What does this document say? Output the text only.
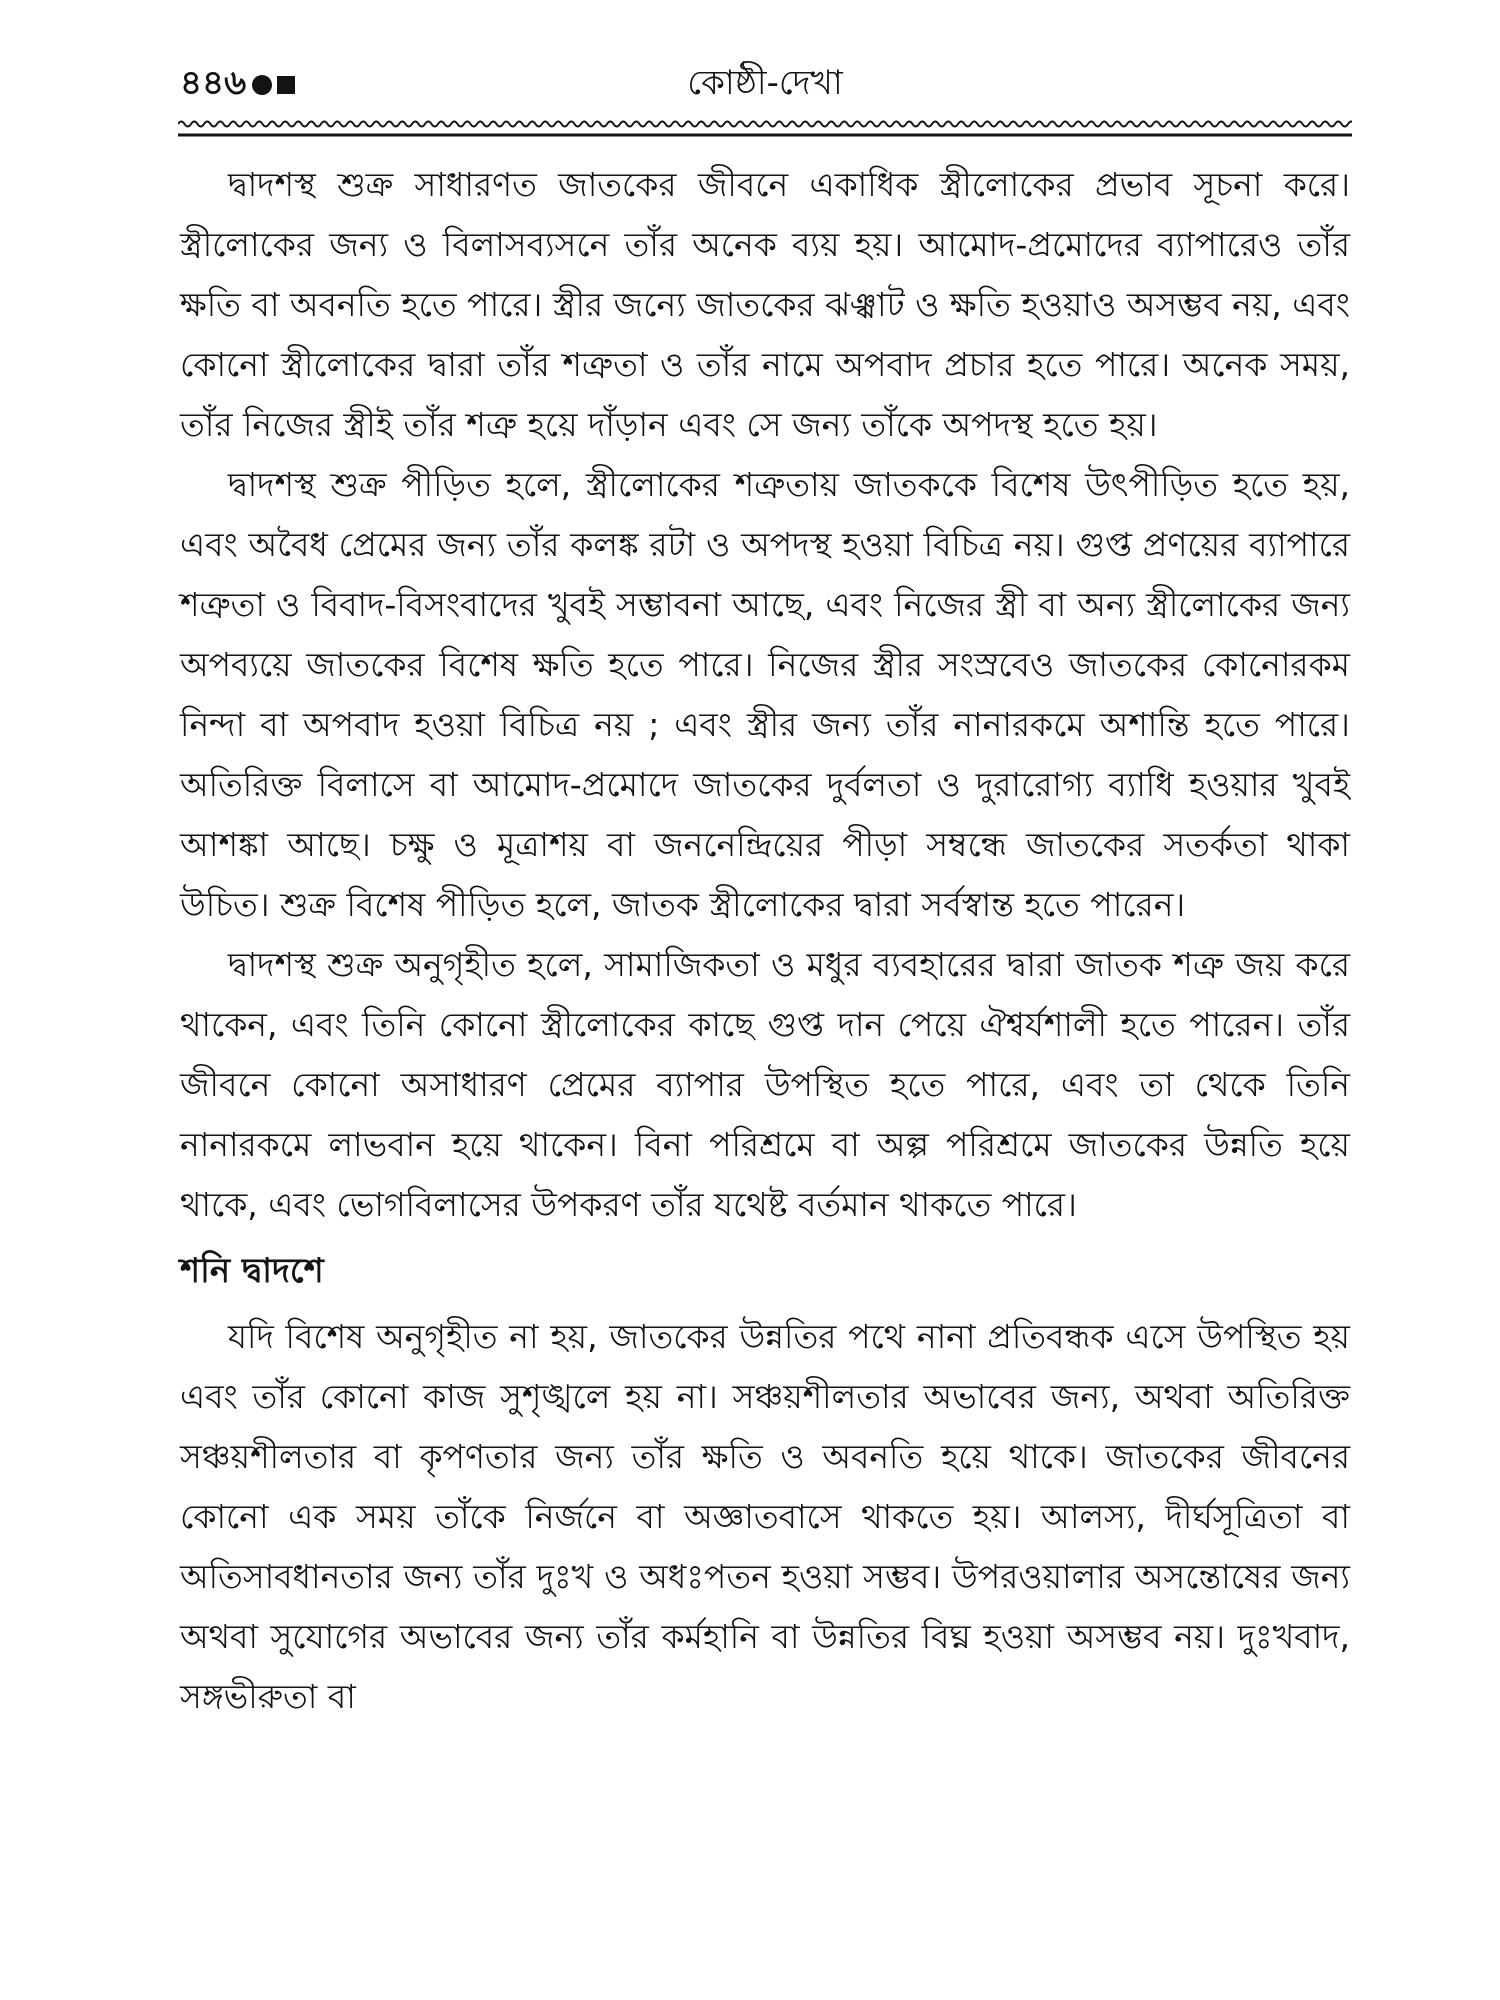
৪৪৬	কোষ্ঠী-দেখা

দ্বাদশস্থ শুক্র সাধারণত জাতকের জীবনে একাধিক স্ত্রীলোকের প্রভাব সূচনা করে। স্ত্রীলোকের জন্য ও বিলাসব্যসনে তাঁর অনেক ব্যয় হয়। আমোদ-প্রমোদের ব্যাপারেও তাঁর ক্ষতি বা অবনতি হতে পারে। স্ত্রীর জন্যে জাতকের ঝঞ্ঝাট ও ক্ষতি হওয়াও অসম্ভব নয়, এবং কোনো স্ত্রীলোকের দ্বারা তাঁর শত্রুতা ও তাঁর নামে অপবাদ প্রচার হতে পারে। অনেক সময়, তাঁর নিজের স্ত্রীই তাঁর শত্রু হয়ে দাঁড়ান এবং সে জন্য তাঁকে অপদস্থ হতে হয়।

দ্বাদশস্থ শুক্র পীড়িত হলে, স্ত্রীলোকের শত্রুতায় জাতককে বিশেষ উৎপীড়িত হতে হয়, এবং অবৈধ প্রেমের জন্য তাঁর কলঙ্ক রটা ও অপদস্থ হওয়া বিচিত্র নয়। গুপ্ত প্রণয়ের ব্যাপারে শত্রুতা ও বিবাদ-বিসংবাদের খুবই সম্ভাবনা আছে, এবং নিজের স্ত্রী বা অন্য স্ত্রীলোকের জন্য অপব্যয়ে জাতকের বিশেষ ক্ষতি হতে পারে। নিজের স্ত্রীর সংস্রবেও জাতকের কোনোরকম নিন্দা বা অপবাদ হওয়া বিচিত্র নয় ; এবং স্ত্রীর জন্য তাঁর নানারকমে অশান্তি হতে পারে। অতিরিক্ত বিলাসে বা আমোদ-প্রমোদে জাতকের দুর্বলতা ও দুরারোগ্য ব্যাধি হওয়ার খুবই আশঙ্কা আছে। চক্ষু ও মূত্রাশয় বা জননেন্দ্রিয়ের পীড়া সম্বন্ধে জাতকের সতর্কতা থাকা উচিত। শুক্র বিশেষ পীড়িত হলে, জাতক স্ত্রীলোকের দ্বারা সর্বস্বান্ত হতে পারেন।

দ্বাদশস্থ শুক্র অনুগৃহীত হলে, সামাজিকতা ও মধুর ব্যবহারের দ্বারা জাতক শত্রু জয় করে থাকেন, এবং তিনি কোনো স্ত্রীলোকের কাছে গুপ্ত দান পেয়ে ঐশ্বর্যশালী হতে পারেন। তাঁর জীবনে কোনো অসাধারণ প্রেমের ব্যাপার উপস্থিত হতে পারে, এবং তা থেকে তিনি নানারকমে লাভবান হয়ে থাকেন। বিনা পরিশ্রমে বা অল্প পরিশ্রমে জাতকের উন্নতি হয়ে থাকে, এবং ভোগবিলাসের উপকরণ তাঁর যথেষ্ট বর্তমান থাকতে পারে।

শনি দ্বাদশে

যদি বিশেষ অনুগৃহীত না হয়, জাতকের উন্নতির পথে নানা প্রতিবন্ধক এসে উপস্থিত হয় এবং তাঁর কোনো কাজ সুশৃঙ্খলে হয় না। সঞ্চয়শীলতার অভাবের জন্য, অথবা অতিরিক্ত সঞ্চয়শীলতার বা কৃপণতার জন্য তাঁর ক্ষতি ও অবনতি হয়ে থাকে। জাতকের জীবনের কোনো এক সময় তাঁকে নির্জনে বা অজ্ঞাতবাসে থাকতে হয়। আলস্য, দীর্ঘসূত্রিতা বা অতিসাবধানতার জন্য তাঁর দুঃখ ও অধঃপতন হওয়া সম্ভব। উপরওয়ালার অসন্তোষের জন্য অথবা সুযোগের অভাবের জন্য তাঁর কর্মহানি বা উন্নতির বিঘ্ন হওয়া অসম্ভব নয়। দুঃখবাদ, সঙ্গভীরুতা বা
